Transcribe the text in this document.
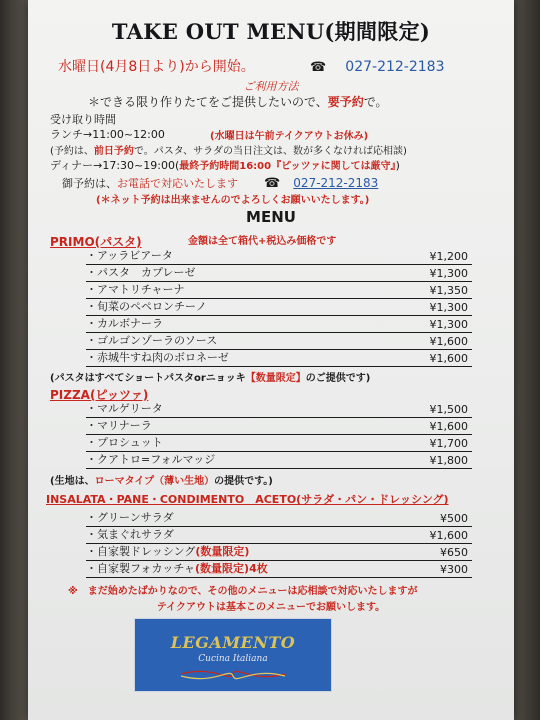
TAKE OUT MENU(期間限定)
水曜日(4月8日より)から開始。	☎ 027-212-2183
ご利用方法
＊できる限り作りたてをご提供したいので、要予約で。
受け取り時間
ランチ→11:00~12:00	(水曜日は午前テイクアウトお休み)
(予約は、前日予約で。パスタ、サラダの当日注文は、数が多くなければ応相談)
ディナー→17:30~19:00(最終予約時間16:00『ピッツァに関しては厳守』)
御予約は、お電話で対応いたします ☎ 027-212-2183
(＊ネット予約は出来ませんのでよろしくお願いいたします。)
MENU
PRIMO(パスタ)	金額は全て箱代+税込み価格です
・アッラビアータ	¥1,200
・パスタ　カプレーゼ	¥1,300
・アマトリチャーナ	¥1,350
・旬菜のペペロンチーノ	¥1,300
・カルボナーラ	¥1,300
・ゴルゴンゾーラのソース	¥1,600
・赤城牛すね肉のボロネーゼ	¥1,600
(パスタはすべてショートパスタorニョッキ【数量限定】のご提供です)
PIZZA(ピッツァ)
・マルゲリータ	¥1,500
・マリナーラ	¥1,600
・プロシュット	¥1,700
・クアトロ=フォルマッジ	¥1,800
(生地は、ローマタイプ（薄い生地）の提供です。)
INSALATA・PANE・CONDIMENTO　ACETO(サラダ・パン・ドレッシング)
・グリーンサラダ	¥500
・気まぐれサラダ	¥1,600
・自家製ドレッシング(数量限定)	¥650
・自家製フォカッチャ(数量限定)4枚	¥300
※　まだ始めたばかりなので、その他のメニューは応相談で対応いたしますが
テイクアウトは基本このメニューでお願いします。
LEGAMENTO
Cucina Italiana
